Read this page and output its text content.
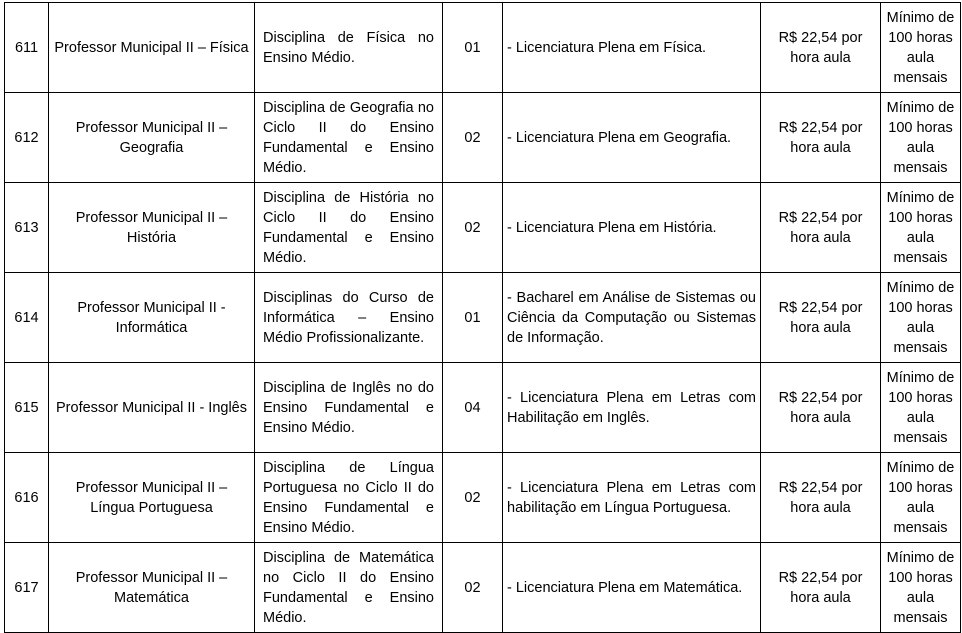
611	Professor Municipal II – Física	Disciplina de Física no Ensino Médio.	01	- Licenciatura Plena em Física.	R$ 22,54 por hora aula	Mínimo de 100 horas aula mensais
612	Professor Municipal II – Geografia	Disciplina de Geografia no Ciclo II do Ensino Fundamental e Ensino Médio.	02	- Licenciatura Plena em Geografia.	R$ 22,54 por hora aula	Mínimo de 100 horas aula mensais
613	Professor Municipal II – História	Disciplina de História no Ciclo II do Ensino Fundamental e Ensino Médio.	02	- Licenciatura Plena em História.	R$ 22,54 por hora aula	Mínimo de 100 horas aula mensais
614	Professor Municipal II - Informática	Disciplinas do Curso de Informática – Ensino Médio Profissionalizante.	01	- Bacharel em Análise de Sistemas ou Ciência da Computação ou Sistemas de Informação.	R$ 22,54 por hora aula	Mínimo de 100 horas aula mensais
615	Professor Municipal II - Inglês	Disciplina de Inglês no do Ensino Fundamental e Ensino Médio.	04	- Licenciatura Plena em Letras com Habilitação em Inglês.	R$ 22,54 por hora aula	Mínimo de 100 horas aula mensais
616	Professor Municipal II – Língua Portuguesa	Disciplina de Língua Portuguesa no Ciclo II do Ensino Fundamental e Ensino Médio.	02	- Licenciatura Plena em Letras com habilitação em Língua Portuguesa.	R$ 22,54 por hora aula	Mínimo de 100 horas aula mensais
617	Professor Municipal II – Matemática	Disciplina de Matemática no Ciclo II do Ensino Fundamental e Ensino Médio.	02	- Licenciatura Plena em Matemática.	R$ 22,54 por hora aula	Mínimo de 100 horas aula mensais
